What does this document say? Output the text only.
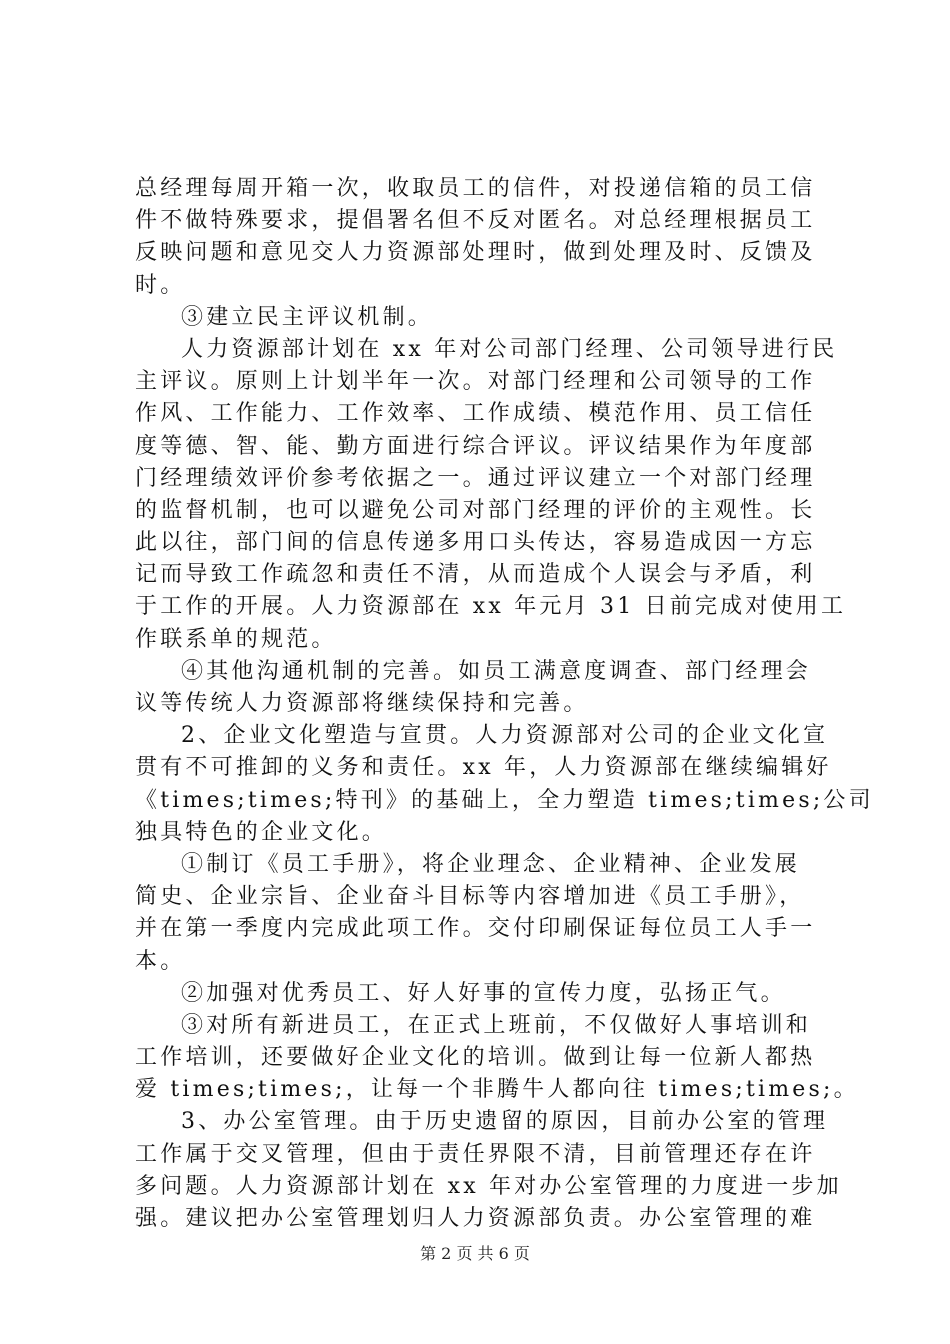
总经理每周开箱一次，收取员工的信件，对投递信箱的员工信
件不做特殊要求，提倡署名但不反对匿名。对总经理根据员工
反映问题和意见交人力资源部处理时，做到处理及时、反馈及
时。
③建立民主评议机制。
人力资源部计划在 xx 年对公司部门经理、公司领导进行民
主评议。原则上计划半年一次。对部门经理和公司领导的工作
作风、工作能力、工作效率、工作成绩、模范作用、员工信任
度等德、智、能、勤方面进行综合评议。评议结果作为年度部
门经理绩效评价参考依据之一。通过评议建立一个对部门经理
的监督机制，也可以避免公司对部门经理的评价的主观性。长
此以往，部门间的信息传递多用口头传达，容易造成因一方忘
记而导致工作疏忽和责任不清，从而造成个人误会与矛盾，利
于工作的开展。人力资源部在 xx 年元月 31 日前完成对使用工
作联系单的规范。
④其他沟通机制的完善。如员工满意度调查、部门经理会
议等传统人力资源部将继续保持和完善。
2、企业文化塑造与宣贯。人力资源部对公司的企业文化宣
贯有不可推卸的义务和责任。xx 年，人力资源部在继续编辑好
《times;times;特刊》的基础上，全力塑造 times;times;公司
独具特色的企业文化。
①制订《员工手册》，将企业理念、企业精神、企业发展
简史、企业宗旨、企业奋斗目标等内容增加进《员工手册》，
并在第一季度内完成此项工作。交付印刷保证每位员工人手一
本。
②加强对优秀员工、好人好事的宣传力度，弘扬正气。
③对所有新进员工，在正式上班前，不仅做好人事培训和
工作培训，还要做好企业文化的培训。做到让每一位新人都热
爱 times;times;，让每一个非腾牛人都向往 times;times;。
3、办公室管理。由于历史遗留的原因，目前办公室的管理
工作属于交叉管理，但由于责任界限不清，目前管理还存在许
多问题。人力资源部计划在 xx 年对办公室管理的力度进一步加
强。建议把办公室管理划归人力资源部负责。办公室管理的难
第 2 页 共 6 页
